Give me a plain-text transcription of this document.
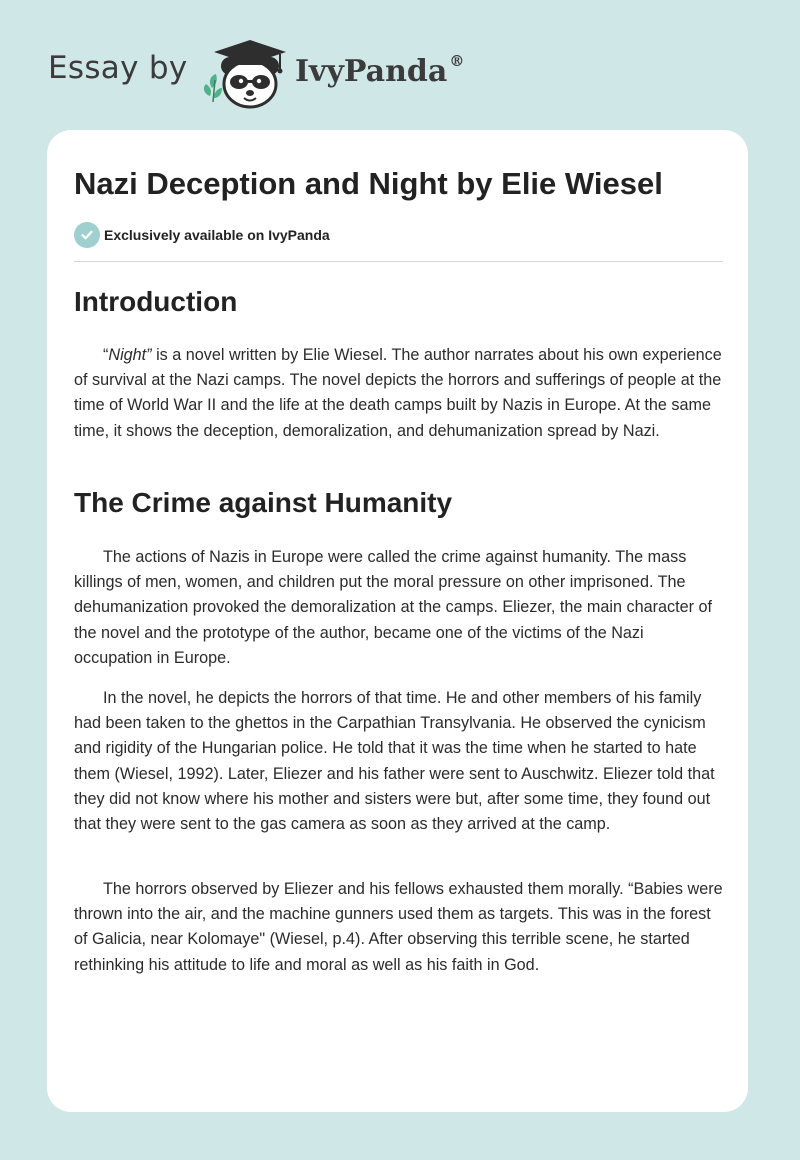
Essay by	IvyPanda ®
Nazi Deception and Night by Elie Wiesel
Exclusively available on IvyPanda
Introduction

“Night” is a novel written by Elie Wiesel. The author narrates about his own experience of survival at the Nazi camps. The novel depicts the horrors and sufferings of people at the time of World War II and the life at the death camps built by Nazis in Europe. At the same time, it shows the deception, demoralization, and dehumanization spread by Nazi.

The Crime against Humanity

The actions of Nazis in Europe were called the crime against humanity. The mass killings of men, women, and children put the moral pressure on other imprisoned. The dehumanization provoked the demoralization at the camps. Eliezer, the main character of the novel and the prototype of the author, became one of the victims of the Nazi occupation in Europe.

In the novel, he depicts the horrors of that time. He and other members of his family had been taken to the ghettos in the Carpathian Transylvania. He observed the cynicism and rigidity of the Hungarian police. He told that it was the time when he started to hate them (Wiesel, 1992). Later, Eliezer and his father were sent to Auschwitz. Eliezer told that they did not know where his mother and sisters were but, after some time, they found out that they were sent to the gas camera as soon as they arrived at the camp.

The horrors observed by Eliezer and his fellows exhausted them morally. “Babies were thrown into the air, and the machine gunners used them as targets. This was in the forest of Galicia, near Kolomaye" (Wiesel, p.4). After observing this terrible scene, he started rethinking his attitude to life and moral as well as his faith in God.
